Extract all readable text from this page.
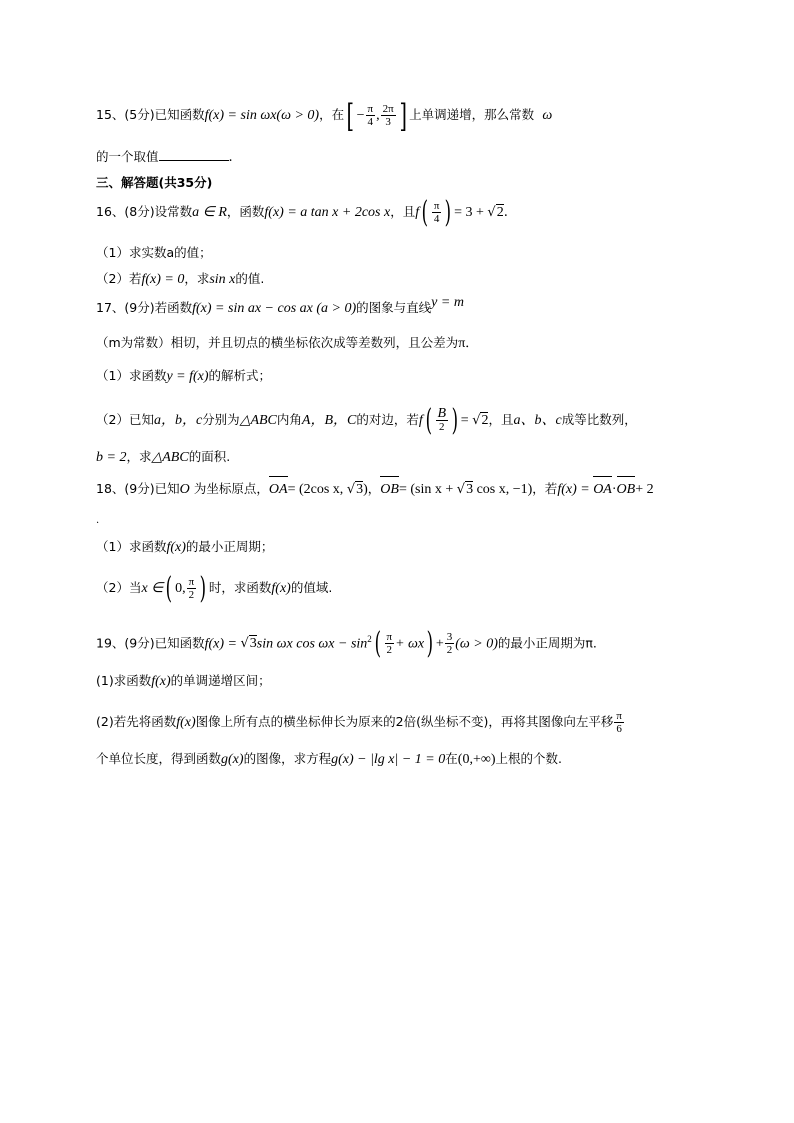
15、(5分)已知函数f(x) = sin ωx(ω > 0)，在[ − $\frac{\pi}{4}$ , $\frac{2\pi}{3}$ ] 上单调递增，那么常数 ω
的一个取值	.
三、解答题(共35分)
16、(8分)设常数a ∈ R，函数f(x) = a tan x + 2cos x，且$f( \frac{\pi}{4}$ ) = 3 + √2.
（1）求实数a的值；
（2）若f(x) = 0，求sin x的值.
17、(9分)若函数f(x) = sin ax − cos ax (a > 0)的图象与直线y = m
（m为常数）相切，并且切点的横坐标依次成等差数列，且公差为π．
（1）求函数y = f(x)的解析式；
（2）已知a，b，c分别为△ABC内角A，B，C的对边，若$f( \frac{B}{2}$ ) = √2，且a、b、c成等比数列，
b = 2，求△ABC的面积.
18、(9分)已知O 为坐标原点，OA= (2cos x, √3)，OB= (sin x + √3 cos x, −1)，若f(x) = OA·OB+ 2
.
（1）求函数f(x)的最小正周期；
（2）当x ∈( 0, $\frac{\pi}{2}$ ) 时，求函数f(x)的值域.
19、(9分)已知函数f(x) = √3sin ωx $\cos \omega x - \sin^2( \frac{\pi}{2} + \omega x) + \frac{3}{2} (\omega > 0)$的最小正周期为π.
(1)求函数f(x)的单调递增区间；
(2)若先将函数f(x)图像上所有点的横坐标伸长为原来的2倍(纵坐标不变)，再将其图像向左平移 $\frac{\pi}{6}$
个单位长度，得到函数g(x)的图像，求方程g(x) − |lg x| − 1 = 0在(0,+∞)上根的个数.
